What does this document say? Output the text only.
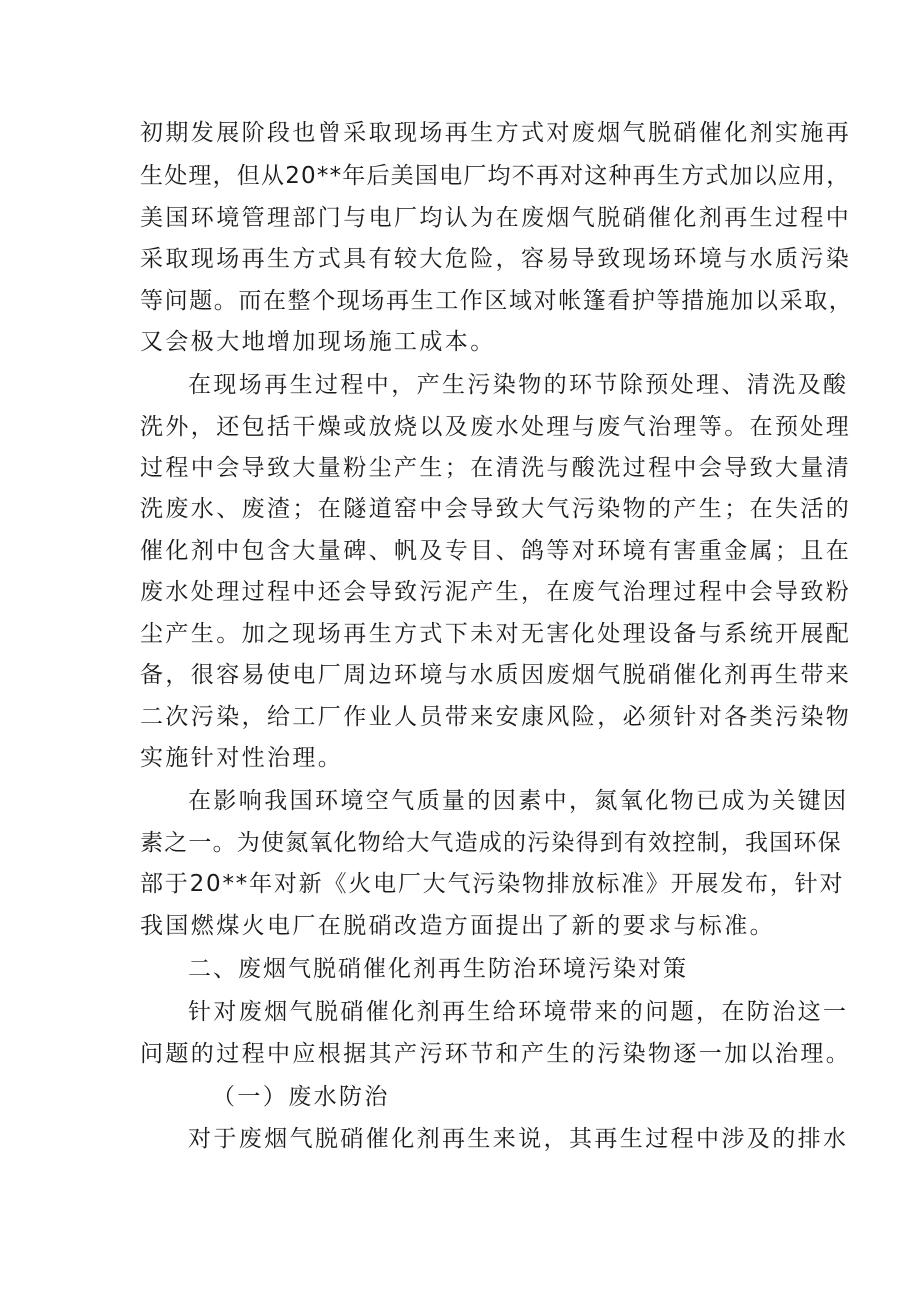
初期发展阶段也曾采取现场再生方式对废烟气脱硝催化剂实施再
生处理，但从20**年后美国电厂均不再对这种再生方式加以应用，
美国环境管理部门与电厂均认为在废烟气脱硝催化剂再生过程中
采取现场再生方式具有较大危险，容易导致现场环境与水质污染
等问题。而在整个现场再生工作区域对帐篷看护等措施加以采取，
又会极大地增加现场施工成本。
在现场再生过程中，产生污染物的环节除预处理、清洗及酸
洗外，还包括干燥或放烧以及废水处理与废气治理等。在预处理
过程中会导致大量粉尘产生；在清洗与酸洗过程中会导致大量清
洗废水、废渣；在隧道窑中会导致大气污染物的产生；在失活的
催化剂中包含大量碑、帆及专目、鸽等对环境有害重金属；且在
废水处理过程中还会导致污泥产生，在废气治理过程中会导致粉
尘产生。加之现场再生方式下未对无害化处理设备与系统开展配
备，很容易使电厂周边环境与水质因废烟气脱硝催化剂再生带来
二次污染，给工厂作业人员带来安康风险，必须针对各类污染物
实施针对性治理。
在影响我国环境空气质量的因素中，氮氧化物已成为关键因
素之一。为使氮氧化物给大气造成的污染得到有效控制，我国环保
部于20**年对新《火电厂大气污染物排放标准》开展发布，针对
我国燃煤火电厂在脱硝改造方面提出了新的要求与标准。
二、废烟气脱硝催化剂再生防治环境污染对策
针对废烟气脱硝催化剂再生给环境带来的问题，在防治这一
问题的过程中应根据其产污环节和产生的污染物逐一加以治理。
（一）废水防治
对于废烟气脱硝催化剂再生来说，其再生过程中涉及的排水
